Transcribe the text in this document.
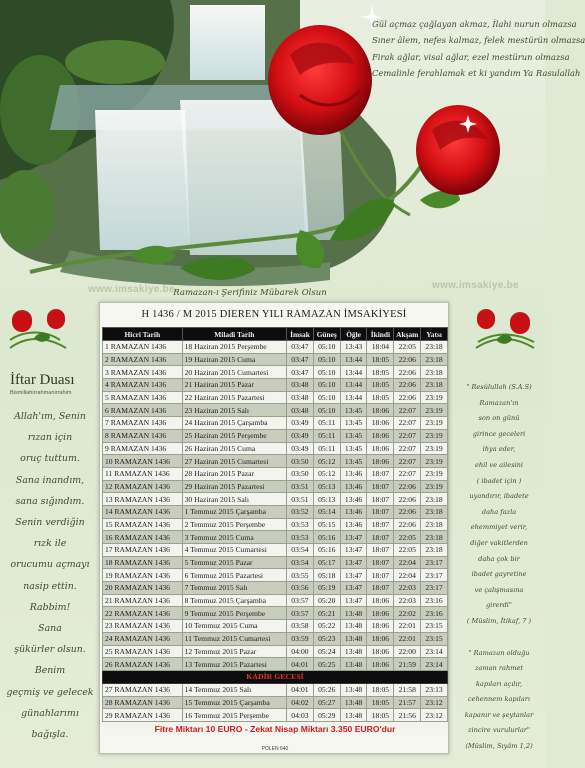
Gül açmaz çağlayan akmaz, İlahi nurun olmazsa
Sıner âlem, nefes kalmaz, felek mestürün olmazsa
Firak ağlar, visal ağlar, ezel mestürun olmazsa
Cemalinle ferahlamak et ki yandım Ya Rasulallah
www.imsakiye.be	www.imsakiye.be
Ramazan-ı Şerifiniz Mübarek Olsun
H 1436 / M 2015 DIEREN YILI RAMAZAN İMSAKİYESİ
Hicri Tarih	Miladi Tarih	İmsak	Güneş	Öğle	İkindi	Akşam	Yatsı
1 RAMAZAN 1436	18 Haziran 2015 Perşembe	03:47	05:10	13:43	18:04	22:05	23:18
2 RAMAZAN 1436	19 Haziran 2015 Cuma	03:47	05:10	13:44	18:05	22:06	23:18
3 RAMAZAN 1436	20 Haziran 2015 Cumartesi	03:47	05:10	13:44	18:05	22:06	23:18
4 RAMAZAN 1436	21 Haziran 2015 Pazar	03:48	05:10	13:44	18:05	22:06	23:18
5 RAMAZAN 1436	22 Haziran 2015 Pazartesi	03:48	05:10	13:44	18:05	22:06	23:19
6 RAMAZAN 1436	23 Haziran 2015 Salı	03:48	05:10	13:45	18:06	22:07	23:19
7 RAMAZAN 1436	24 Haziran 2015 Çarşamba	03:49	05:11	13:45	18:06	22:07	23:19
8 RAMAZAN 1436	25 Haziran 2015 Perşembe	03:49	05:11	13:45	18:06	22:07	23:19
9 RAMAZAN 1436	26 Haziran 2015 Cuma	03:49	05:11	13:45	18:06	22:07	23:19
10 RAMAZAN 1436	27 Haziran 2015 Cumartesi	03:50	05:12	13:45	18:06	22:07	23:19
11 RAMAZAN 1436	28 Haziran 2015 Pazar	03:50	05:12	13:46	18:07	22:07	23:19
12 RAMAZAN 1436	29 Haziran 2015 Pazartesi	03:51	05:13	13:46	18:07	22:06	23:19
13 RAMAZAN 1436	30 Haziran 2015 Salı	03:51	05:13	13:46	18:07	22:06	23:18
14 RAMAZAN 1436	1 Temmuz 2015 Çarşamba	03:52	05:14	13:46	18:07	22:06	23:18
15 RAMAZAN 1436	2 Temmuz 2015 Perşembe	03:53	05:15	13:46	18:07	22:06	23:18
16 RAMAZAN 1436	3 Temmuz 2015 Cuma	03:53	05:16	13:47	18:07	22:05	23:18
17 RAMAZAN 1436	4 Temmuz 2015 Cumartesi	03:54	05:16	13:47	18:07	22:05	23:18
18 RAMAZAN 1436	5 Temmuz 2015 Pazar	03:54	05:17	13:47	18:07	22:04	23:17
19 RAMAZAN 1436	6 Temmuz 2015 Pazartesi	03:55	05:18	13:47	18:07	22:04	23:17
20 RAMAZAN 1436	7 Temmuz 2015 Salı	03:56	05:19	13:47	18:07	22:03	23:17
21 RAMAZAN 1436	8 Temmuz 2015 Çarşamba	03:57	05:20	13:47	18:06	22:03	23:16
22 RAMAZAN 1436	9 Temmuz 2015 Perşembe	03:57	05:21	13:48	18:06	22:02	23:16
23 RAMAZAN 1436	10 Temmuz 2015 Cuma	03:58	05:22	13:48	18:06	22:01	23:15
24 RAMAZAN 1436	11 Temmuz 2015 Cumartesi	03:59	05:23	13:48	18:06	22:01	23:15
25 RAMAZAN 1436	12 Temmuz 2015 Pazar	04:00	05:24	13:48	18:06	22:00	23:14
26 RAMAZAN 1436	13 Temmuz 2015 Pazartesi	04:01	05:25	13:48	18:06	21:59	23:14
KADİR GECESİ							
27 RAMAZAN 1436	14 Temmuz 2015 Salı	04:01	05:26	13:48	18:05	21:58	23:13
28 RAMAZAN 1436	15 Temmuz 2015 Çarşamba	04:02	05:27	13:48	18:05	21:57	23:12
29 RAMAZAN 1436	16 Temmuz 2015 Perşembe	04:03	05:29	13:48	18:05	21:56	23:12
Fitre Miktarı 10 EURO - Zekat Nisap Miktarı 3.350 EURO'dur							
POLEN 640
İftar Duası
Bismillahirrahmanirrahim
Allah'ım, Senin
rızan için
oruç tuttum.
Sana inandım,
sana sığındım.
Senin verdiğin
rızk ile
orucumu açmayı
nasip ettin.
Rabbim!
Sana
şükürler olsun.
Benim
geçmiş ve gelecek
günahlarımı
bağışla.
" Resûlullah (S.A.S)
Ramazan'ın
son on günü
girince geceleri
ihya eder,
ehil ve ailesini
( ibadet için )
uyandırır, ibadete
daha fazla
ehemmiyet verir,
diğer vakitlerden
daha çok bir
ibadet gayretine
ve çalışmasına
girerdi"
( Müslim, İtikaf, 7 )
" Ramazan olduğu
zaman rahmet
kapıları açılır,
cehennem kapıları
kapanır ve şeytanlar
zincire vurulurlar"
(Müslim, Sıyâm 1,2)
